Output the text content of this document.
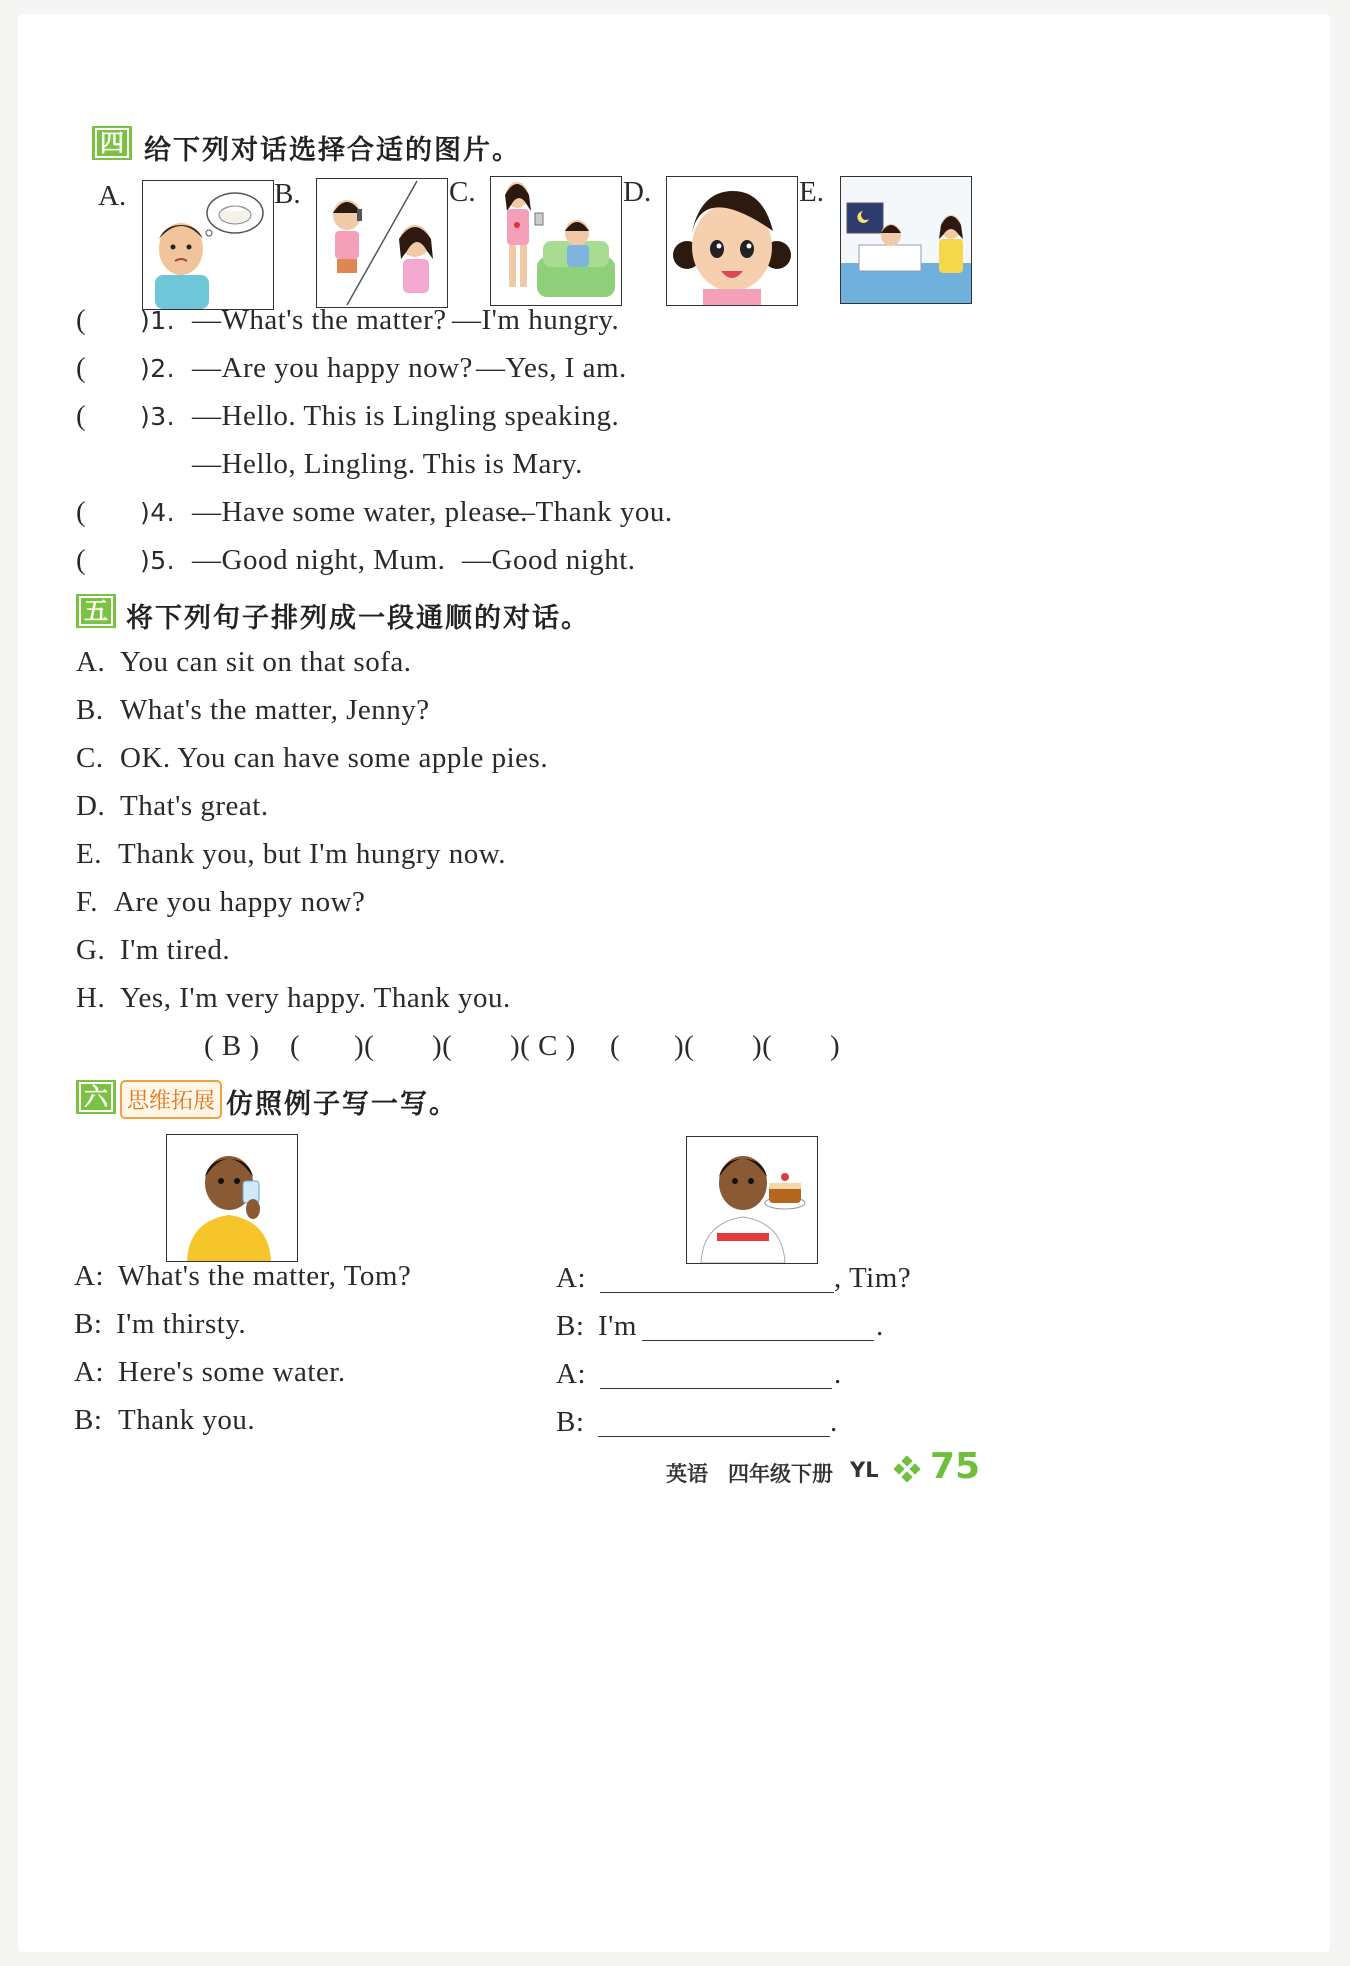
四 给下列对话选择合适的图片。
A.	B.	C.	D.	E.
( )1. —What's the matter? —I'm hungry.
( )2. —Are you happy now? —Yes, I am.
( )3. —Hello. This is Lingling speaking.
—Hello, Lingling. This is Mary.
( )4. —Have some water, please.
—Thank you.
( )5. —Good night, Mum. —Good night.
五 将下列句子排列成一段通顺的对话。
A. You can sit on that sofa.
B. What's the matter, Jenny?
C. OK. You can have some apple pies.
D. That's great.
E. Thank you, but I'm hungry now.
F. Are you happy now?
G. I'm tired.
H. Yes, I'm very happy. Thank you.
( B ) ( )( )( )( C ) ( )( )( )
六 思维拓展 仿照例子写一写。
A: What's the matter, Tom?
B: I'm thirsty.
A: Here's some water.
B: Thank you.
A:	, Tim?
B: I'm	.
A:	.
B:	.
英语 四年级下册 YL 75
